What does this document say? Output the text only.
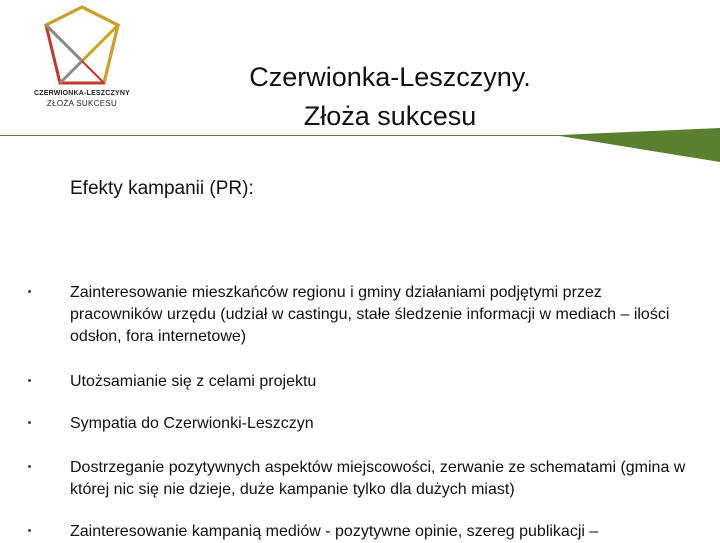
CZERWIONKA-LESZCZYNY
ZŁOŻA SUKCESU
Czerwionka-Leszczyny.
Złoża sukcesu
Efekty kampanii (PR):
Zainteresowanie mieszkańców regionu i gminy działaniami podjętymi przez pracowników urzędu (udział w castingu, stałe śledzenie informacji w mediach – ilości odsłon, fora internetowe)
Utożsamianie się z celami projektu
Sympatia do Czerwionki-Leszczyn
Dostrzeganie pozytywnych aspektów miejscowości, zerwanie ze schematami (gmina w której nic się nie dzieje, duże kampanie tylko dla dużych miast)
Zainteresowanie kampanią mediów - pozytywne opinie, szereg publikacji –
